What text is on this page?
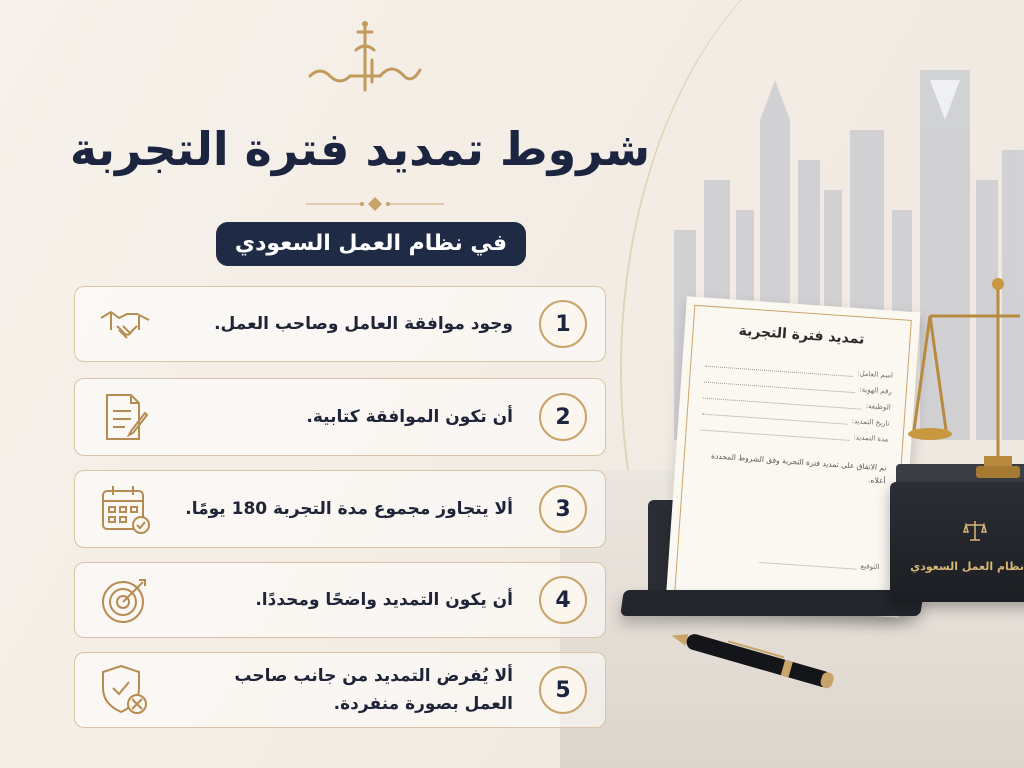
شروط تمديد فترة التجربة
في نظام العمل السعودي
1
وجود موافقة العامل وصاحب العمل.
2
أن تكون الموافقة كتابية.
3
ألا يتجاوز مجموع مدة التجربة 180 يومًا.
4
أن يكون التمديد واضحًا ومحددًا.
5
ألا يُفرض التمديد من جانب صاحب العمل بصورة منفردة.
تمديد فترة التجربة
اسم العامل:
رقم الهوية:
الوظيفة:
تاريخ التمديد:
مدة التمديد:
تم الاتفاق على تمديد فترة التجربة وفق الشروط المحددة أعلاه.
التوقيع	نظام العمل السعودي
